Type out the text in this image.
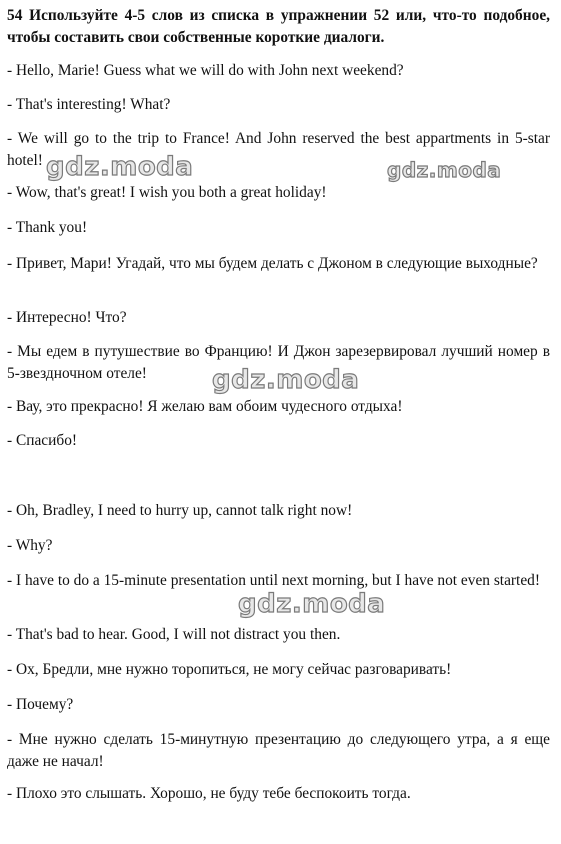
54 Используйте 4-5 слов из списка в упражнении 52 или, что-то подобное, чтобы составить свои собственные короткие диалоги.

- Hello, Marie! Guess what we will do with John next weekend?

- That's interesting! What?

- We will go to the trip to France! And John reserved the best appartments in 5-star hotel!

- Wow, that's great! I wish you both a great holiday!

- Thank you!

- Привет, Мари! Угадай, что мы будем делать с Джоном в следующие выходные?

- Интересно! Что?

- Мы едем в путушествие во Францию! И Джон зарезервировал лучший номер в 5-звездночном отеле!

- Вау, это прекрасно! Я желаю вам обоим чудесного отдыха!

- Спасибо!

- Oh, Bradley, I need to hurry up, cannot talk right now!

- Why?

- I have to do a 15-minute presentation until next morning, but I have not even started!

- That's bad to hear. Good, I will not distract you then.

- Ох, Бредли, мне нужно торопиться, не могу сейчас разговаривать!

- Почему?

- Мне нужно сделать 15-минутную презентацию до следующего утра, а я еще даже не начал!

- Плохо это слышать. Хорошо, не буду тебе беспокоить тогда.

gdz.moda	gdz.moda
gdz.moda
gdz.moda
